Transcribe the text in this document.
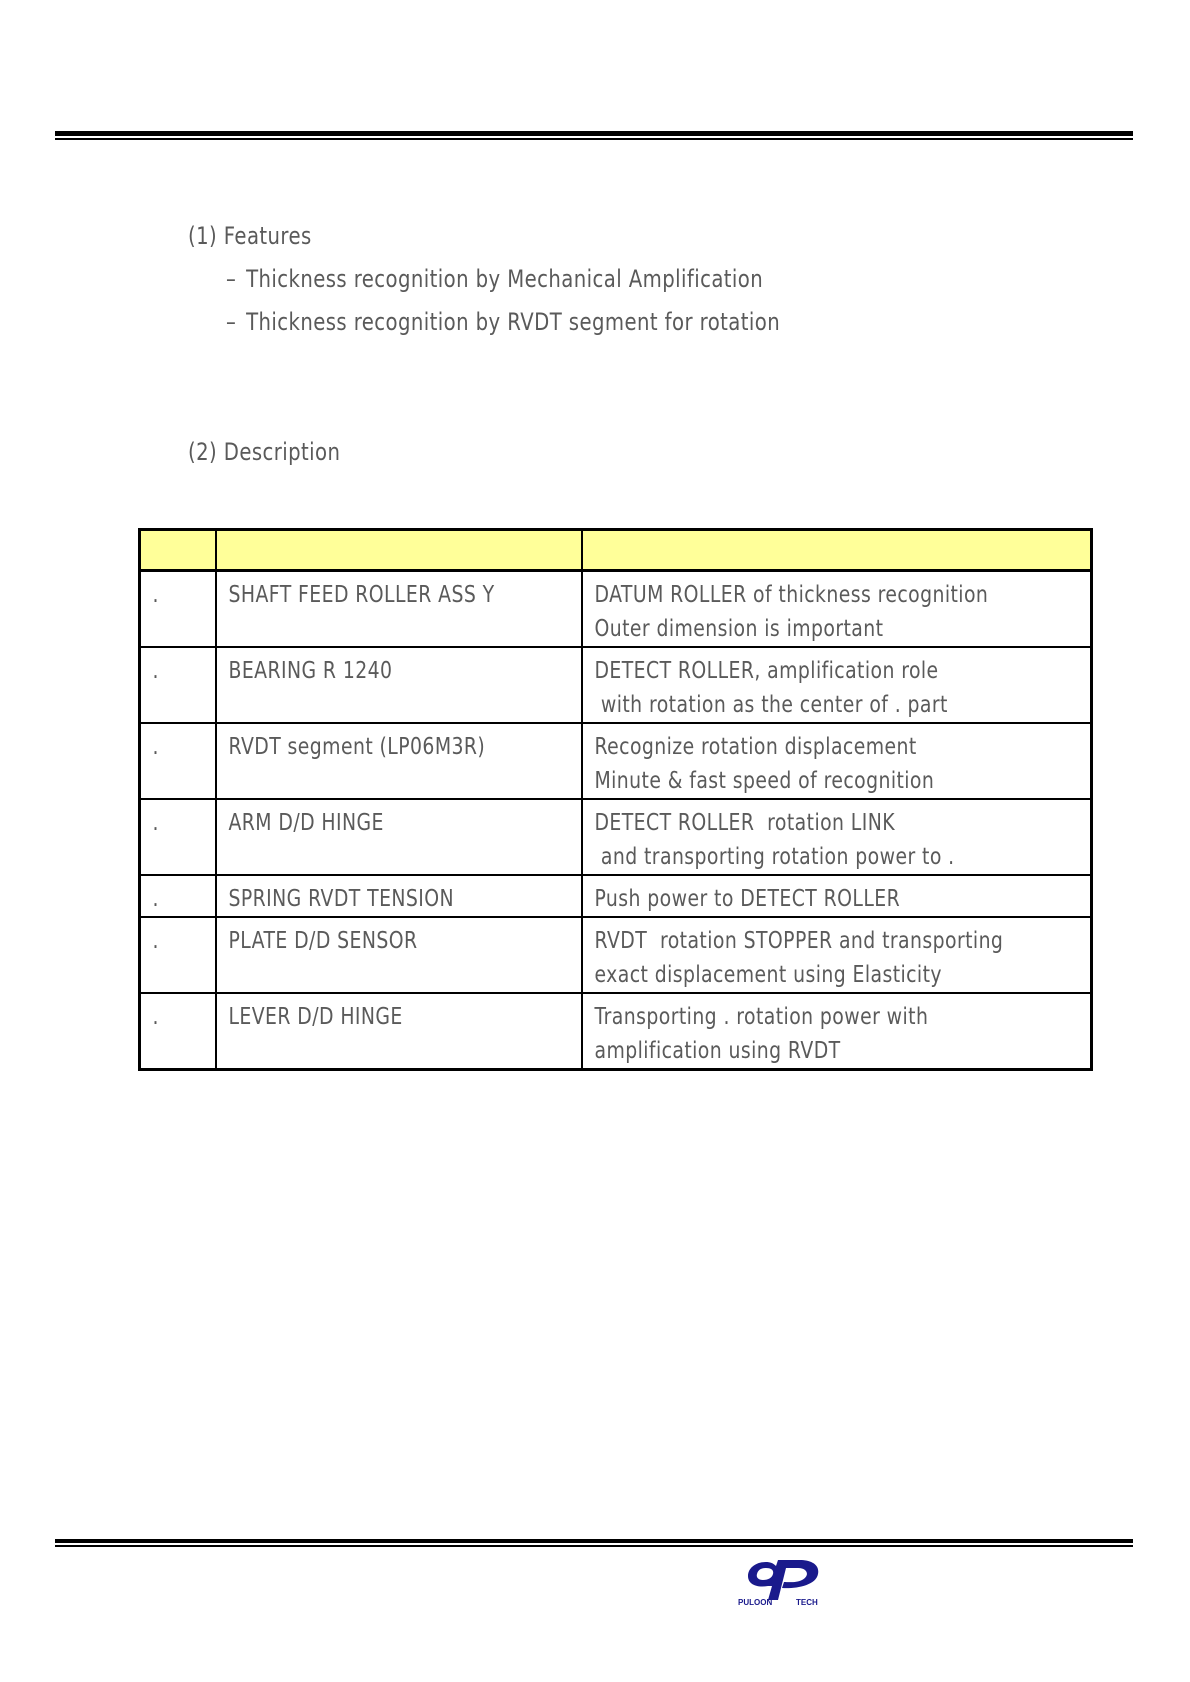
(1) Features
– Thickness recognition by Mechanical Amplification
– Thickness recognition by RVDT segment for rotation
(2) Description

.	SHAFT FEED ROLLER ASS Y	DATUM ROLLER of thickness recognition
Outer dimension is important

.	BEARING R 1240	DETECT ROLLER, amplification role
with rotation as the center of . part

.	RVDT segment (LP06M3R)	Recognize rotation displacement
Minute & fast speed of recognition

.	ARM D/D HINGE	DETECT ROLLER  rotation LINK
and transporting rotation power to .

.	SPRING RVDT TENSION	Push power to DETECT ROLLER

.	PLATE D/D SENSOR	RVDT  rotation STOPPER and transporting
exact displacement using Elasticity

.	LEVER D/D HINGE	Transporting . rotation power with
amplification using RVDT
PULOON	TECH
